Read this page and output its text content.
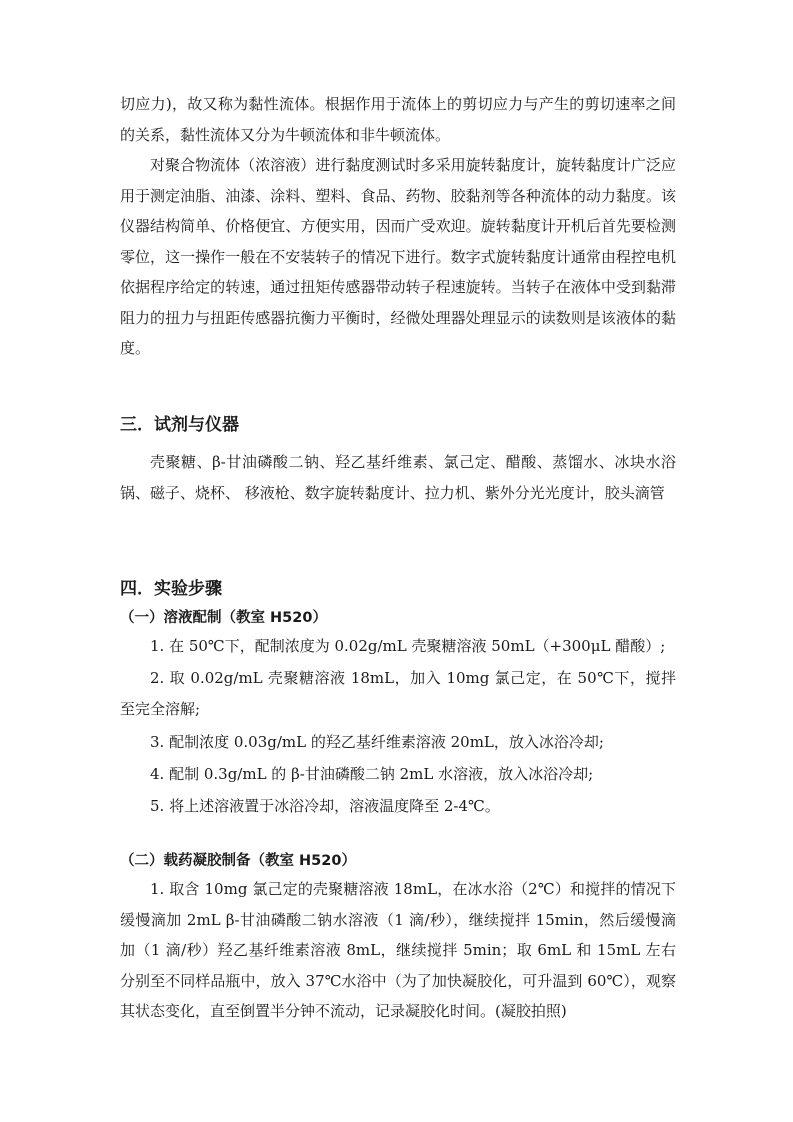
切应力)，故又称为黏性流体。根据作用于流体上的剪切应力与产生的剪切速率之间的关系，黏性流体又分为牛顿流体和非牛顿流体。

对聚合物流体（浓溶液）进行黏度测试时多采用旋转黏度计，旋转黏度计广泛应用于测定油脂、油漆、涂料、塑料、食品、药物、胶黏剂等各种流体的动力黏度。该仪器结构简单、价格便宜、方便实用，因而广受欢迎。旋转黏度计开机后首先要检测零位，这一操作一般在不安装转子的情况下进行。数字式旋转黏度计通常由程控电机依据程序给定的转速，通过扭矩传感器带动转子程速旋转。当转子在液体中受到黏滞阻力的扭力与扭距传感器抗衡力平衡时，经微处理器处理显示的读数则是该液体的黏度。

三．试剂与仪器

壳聚糖、β-甘油磷酸二钠、羟乙基纤维素、氯己定、醋酸、蒸馏水、冰块水浴锅、磁子、烧杯、 移液枪、数字旋转黏度计、拉力机、紫外分光光度计，胶头滴管

四．实验步骤
（一）溶液配制（教室 H520）

1. 在 50℃下，配制浓度为 0.02g/mL 壳聚糖溶液 50mL（+300μL 醋酸）;

2. 取 0.02g/mL 壳聚糖溶液 18mL，加入 10mg 氯己定，在 50℃下，搅拌至完全溶解;

3. 配制浓度 0.03g/mL 的羟乙基纤维素溶液 20mL，放入冰浴冷却;

4. 配制 0.3g/mL 的 β-甘油磷酸二钠 2mL 水溶液，放入冰浴冷却;

5. 将上述溶液置于冰浴冷却，溶液温度降至 2-4℃。

（二）载药凝胶制备（教室 H520）

1. 取含 10mg 氯己定的壳聚糖溶液 18mL，在冰水浴（2℃）和搅拌的情况下缓慢滴加 2mL β-甘油磷酸二钠水溶液（1 滴/秒），继续搅拌 15min，然后缓慢滴加（1 滴/秒）羟乙基纤维素溶液 8mL，继续搅拌 5min；取 6mL 和 15mL 左右分别至不同样品瓶中，放入 37℃水浴中（为了加快凝胶化，可升温到 60℃），观察其状态变化，直至倒置半分钟不流动，记录凝胶化时间。(凝胶拍照)
